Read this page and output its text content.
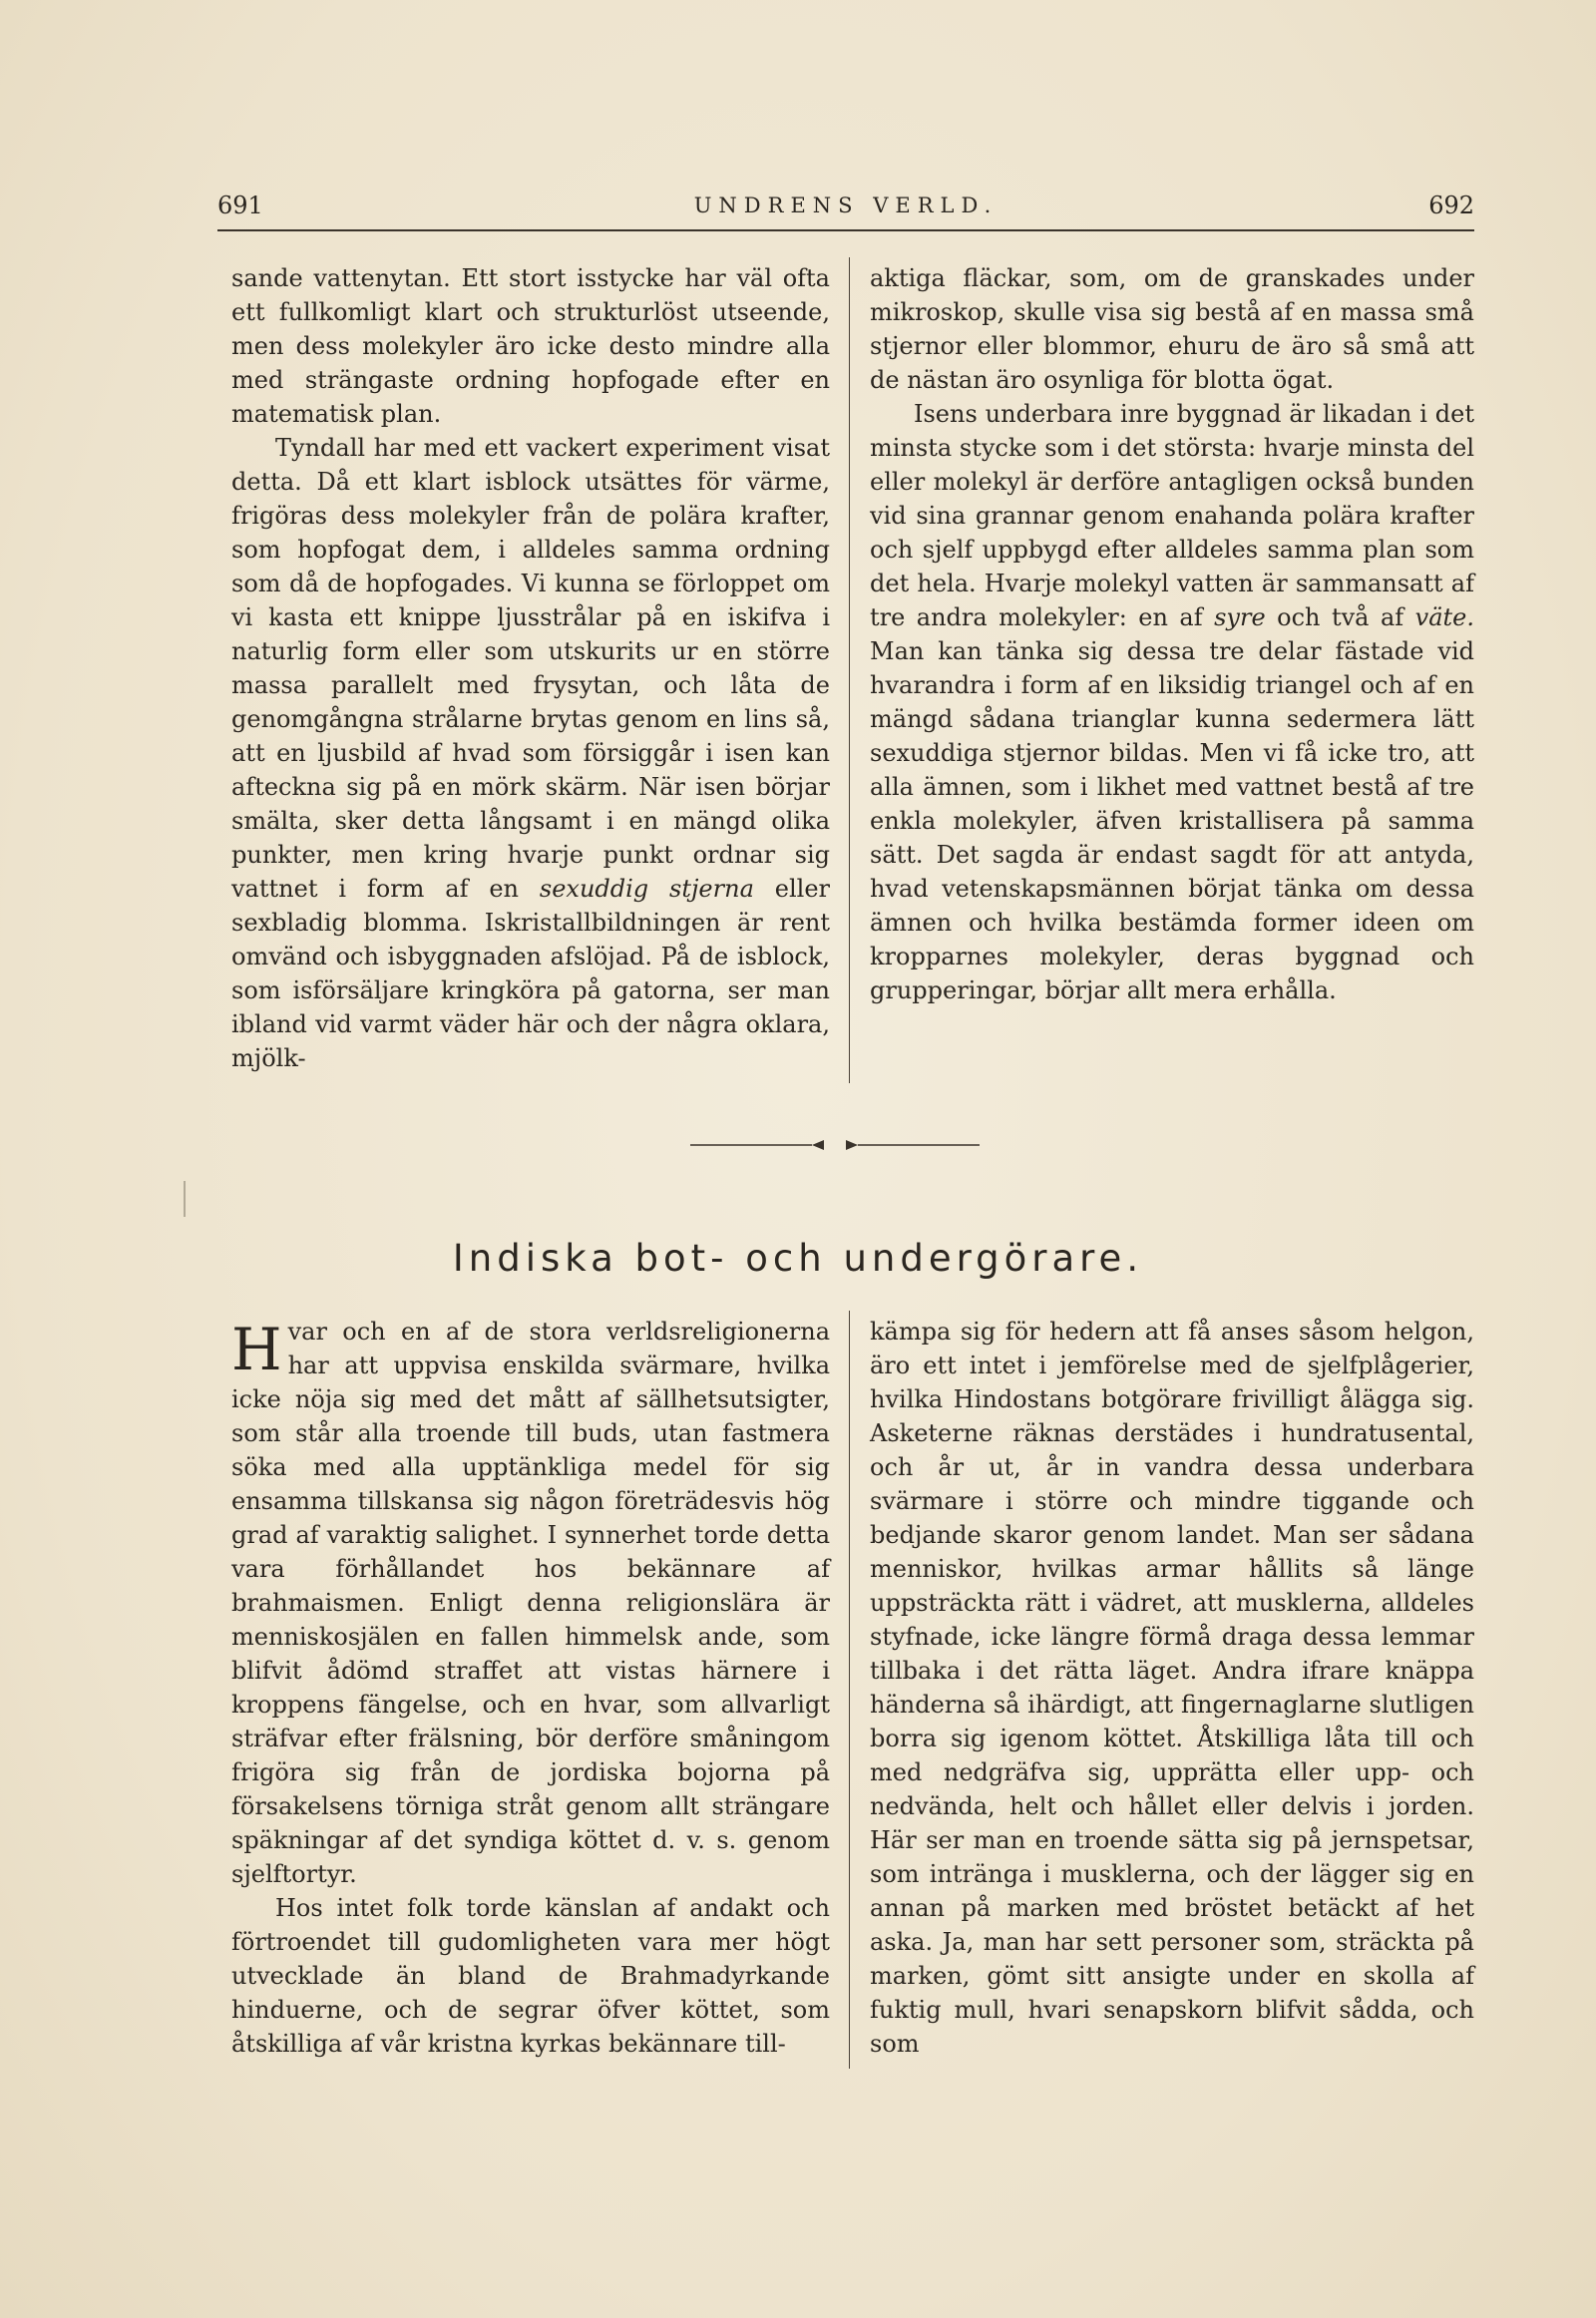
691	UNDRENS VERLD.	692

sande vattenytan. Ett stort isstycke har väl ofta ett fullkomligt klart och strukturlöst utseende, men dess molekyler äro icke desto mindre alla med strängaste ordning hopfogade efter en matematisk plan.

Tyndall har med ett vackert experiment visat detta. Då ett klart isblock utsättes för värme, frigöras dess molekyler från de polära krafter, som hopfogat dem, i alldeles samma ordning som då de hopfogades. Vi kunna se förloppet om vi kasta ett knippe ljusstrålar på en iskifva i naturlig form eller som utskurits ur en större massa parallelt med frysytan, och låta de genomgångna strålarne brytas genom en lins så, att en ljusbild af hvad som försiggår i isen kan afteckna sig på en mörk skärm. När isen börjar smälta, sker detta långsamt i en mängd olika punkter, men kring hvarje punkt ordnar sig vattnet i form af en sexuddig stjerna eller sexbladig blomma. Iskristallbildningen är rent omvänd och isbyggnaden afslöjad. På de isblock, som isförsäljare kringköra på gatorna, ser man ibland vid varmt väder här och der några oklara, mjölk-

aktiga fläckar, som, om de granskades under mikroskop, skulle visa sig bestå af en massa små stjernor eller blommor, ehuru de äro så små att de nästan äro osynliga för blotta ögat.

Isens underbara inre byggnad är likadan i det minsta stycke som i det största: hvarje minsta del eller molekyl är derföre antagligen också bunden vid sina grannar genom enahanda polära krafter och sjelf uppbygd efter alldeles samma plan som det hela. Hvarje molekyl vatten är sammansatt af tre andra molekyler: en af syre och två af väte. Man kan tänka sig dessa tre delar fästade vid hvarandra i form af en liksidig triangel och af en mängd sådana trianglar kunna sedermera lätt sexuddiga stjernor bildas. Men vi få icke tro, att alla ämnen, som i likhet med vattnet bestå af tre enkla molekyler, äfven kristallisera på samma sätt. Det sagda är endast sagdt för att antyda, hvad vetenskapsmännen börjat tänka om dessa ämnen och hvilka bestämda former ideen om kropparnes molekyler, deras byggnad och grupperingar, börjar allt mera erhålla.

Indiska bot- och undergörare.

Hvar och en af de stora verldsreligionerna har att uppvisa enskilda svärmare, hvilka icke nöja sig med det mått af sällhetsutsigter, som står alla troende till buds, utan fastmera söka med alla upptänkliga medel för sig ensamma tillskansa sig någon företrädesvis hög grad af varaktig salighet. I synnerhet torde detta vara förhållandet hos bekännare af brahmaismen. Enligt denna religionslära är menniskosjälen en fallen himmelsk ande, som blifvit ådömd straffet att vistas härnere i kroppens fängelse, och en hvar, som allvarligt sträfvar efter frälsning, bör derföre småningom frigöra sig från de jordiska bojorna på försakelsens törniga stråt genom allt strängare späkningar af det syndiga köttet d. v. s. genom sjelftortyr.

Hos intet folk torde känslan af andakt och förtroendet till gudomligheten vara mer högt utvecklade än bland de Brahmadyrkande hinduerne, och de segrar öfver köttet, som åtskilliga af vår kristna kyrkas bekännare till-

kämpa sig för hedern att få anses såsom helgon, äro ett intet i jemförelse med de sjelfplågerier, hvilka Hindostans botgörare frivilligt ålägga sig. Asketerne räknas derstädes i hundratusental, och år ut, år in vandra dessa underbara svärmare i större och mindre tiggande och bedjande skaror genom landet. Man ser sådana menniskor, hvilkas armar hållits så länge uppsträckta rätt i vädret, att musklerna, alldeles styfnade, icke längre förmå draga dessa lemmar tillbaka i det rätta läget. Andra ifrare knäppa händerna så ihärdigt, att fingernaglarne slutligen borra sig igenom köttet. Åtskilliga låta till och med nedgräfva sig, upprätta eller upp- och nedvända, helt och hållet eller delvis i jorden. Här ser man en troende sätta sig på jernspetsar, som inträngа i musklerna, och der lägger sig en annan på marken med bröstet betäckt af het aska. Ja, man har sett personer som, sträckta på marken, gömt sitt ansigte under en skolla af fuktig mull, hvari senapskorn blifvit sådda, och som
